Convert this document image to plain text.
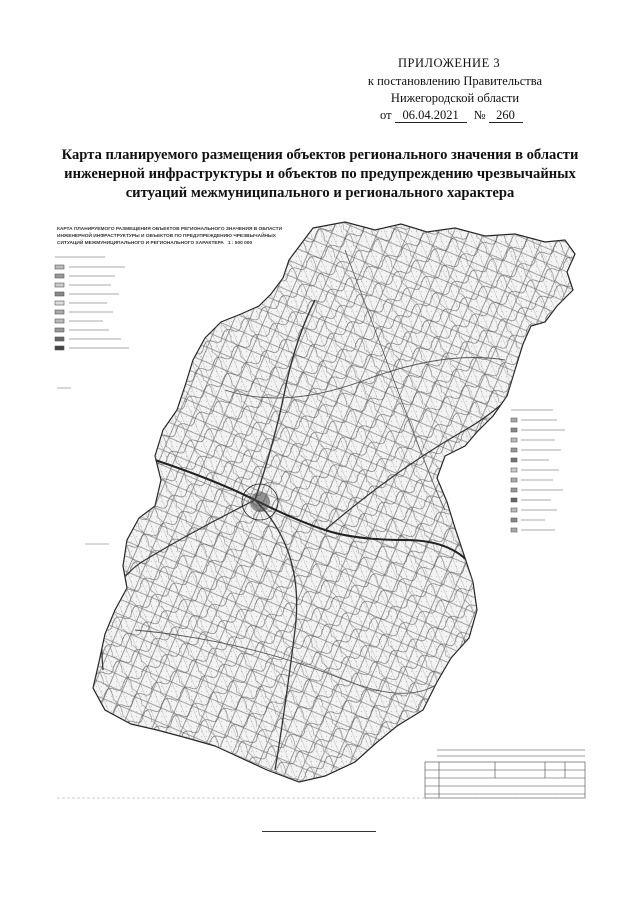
ПРИЛОЖЕНИЕ 3
к постановлению Правительства
Нижегородской области
от 06.04.2021	№ 260
Карта планируемого размещения объектов регионального значения в области
инженерной инфраструктуры и объектов по предупреждению чрезвычайных
ситуаций межмуниципального и регионального характера
КАРТА ПЛАНИРУЕМОГО РАЗМЕЩЕНИЯ ОБЪЕКТОВ РЕГИОНАЛЬНОГО ЗНАЧЕНИЯ В ОБЛАСТИ
ИНЖЕНЕРНОЙ ИНФРАСТРУКТУРЫ И ОБЪЕКТОВ ПО ПРЕДУПРЕЖДЕНИЮ ЧРЕЗВЫЧАЙНЫХ
СИТУАЦИЙ МЕЖМУНИЦИПАЛЬНОГО И РЕГИОНАЛЬНОГО ХАРАКТЕРА 1 : 500 000
